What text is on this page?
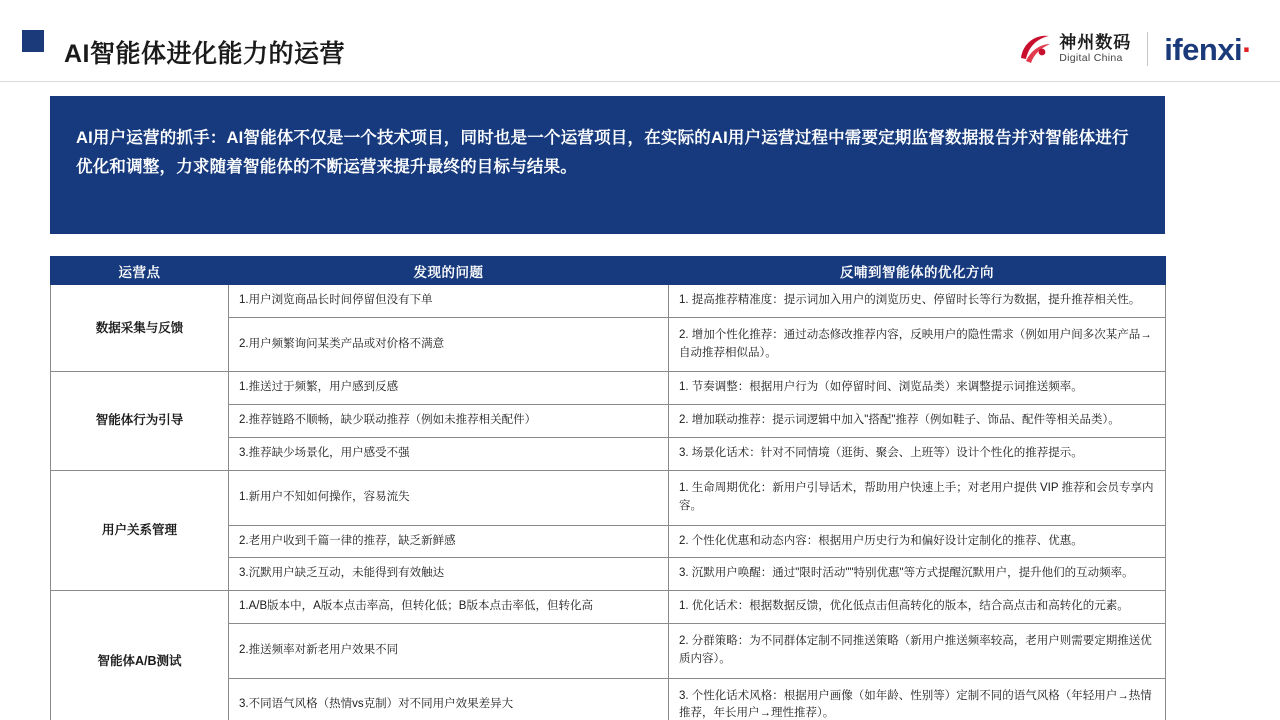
AI智能体进化能力的运营	神州数码
Digital China ifenxi·
AI用户运营的抓手：AI智能体不仅是一个技术项目，同时也是一个运营项目，在实际的AI用户运营过程中需要定期监督数据报告并对智能体进行优化和调整，力求随着智能体的不断运营来提升最终的目标与结果。
运营点	发现的问题	反哺到智能体的优化方向
数据采集与反馈	1.用户浏览商品长时间停留但没有下单	1. 提高推荐精准度：提示词加入用户的浏览历史、停留时长等行为数据，提升推荐相关性。
	2.用户频繁询问某类产品或对价格不满意	2. 增加个性化推荐：通过动态修改推荐内容，反映用户的隐性需求（例如用户间多次某产品→自动推荐相似品）。
智能体行为引导	1.推送过于频繁，用户感到反感	1. 节奏调整：根据用户行为（如停留时间、浏览品类）来调整提示词推送频率。
	2.推荐链路不顺畅，缺少联动推荐（例如未推荐相关配件）	2. 增加联动推荐：提示词逻辑中加入"搭配"推荐（例如鞋子、饰品、配件等相关品类）。
	3.推荐缺少场景化，用户感受不强	3. 场景化话术：针对不同情境（逛街、聚会、上班等）设计个性化的推荐提示。
用户关系管理	1.新用户不知如何操作，容易流失	1. 生命周期优化：新用户引导话术，帮助用户快速上手；对老用户提供 VIP 推荐和会员专享内容。
	2.老用户收到千篇一律的推荐，缺乏新鲜感	2. 个性化优惠和动态内容：根据用户历史行为和偏好设计定制化的推荐、优惠。
	3.沉默用户缺乏互动，未能得到有效触达	3. 沉默用户唤醒：通过"限时活动""特别优惠"等方式提醒沉默用户，提升他们的互动频率。
智能体A/B测试	1.A/B版本中，A版本点击率高，但转化低；B版本点击率低，但转化高	1. 优化话术：根据数据反馈，优化低点击但高转化的版本，结合高点击和高转化的元素。
	2.推送频率对新老用户效果不同	2. 分群策略：为不同群体定制不同推送策略（新用户推送频率较高，老用户则需要定期推送优质内容）。
	3.不同语气风格（热情vs克制）对不同用户效果差异大	3. 个性化话术风格：根据用户画像（如年龄、性别等）定制不同的语气风格（年轻用户→热情推荐，年长用户→理性推荐）。
